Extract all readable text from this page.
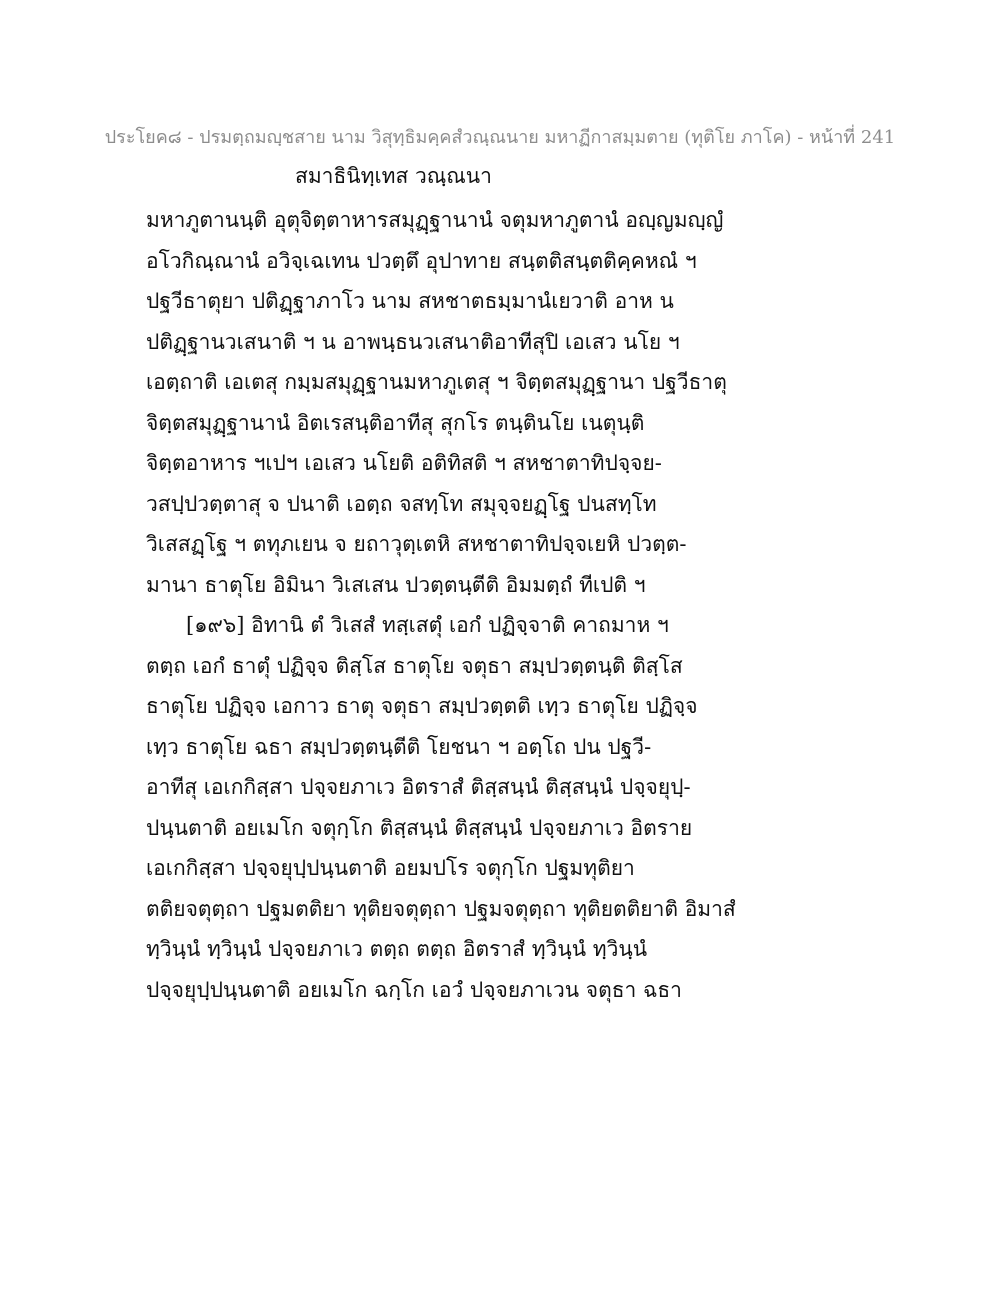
ประโยค๘ - ปรมตฺถมญฺชสาย นาม วิสุทฺธิมคฺคสํวณฺณนาย มหาฏีกาสมฺมตาย (ทุติโย ภาโค) - หน้าที่ 241
สมาธินิทฺเทส วณฺณนา
มหาภูตานนฺติ อุตุจิตฺตาหารสมุฏฺฐานานํ จตุมหาภูตานํ อญฺญมญฺญํ
อโวกิณฺณานํ อวิจฺเฉเทน ปวตฺตึ อุปาทาย สนฺตติสนฺตติคฺคหณํ ฯ
ปฐวีธาตุยา ปติฏฺฐาภาโว นาม สหชาตธมฺมานํเยวาติ อาห น
ปติฏฺฐานวเสนาติ ฯ น อาพนฺธนวเสนาติอาทีสุปิ เอเสว นโย ฯ
เอตฺถาติ เอเตสุ กมฺมสมุฏฺฐานมหาภูเตสุ ฯ จิตฺตสมุฏฺฐานา ปฐวีธาตุ
จิตฺตสมุฏฺฐานานํ อิตเรสนฺติอาทีสุ สุกโร ตนฺตินโย เนตุนฺติ
จิตฺตอาหาร ฯเปฯ เอเสว นโยติ อติทิสติ ฯ สหชาตาทิปจฺจย-
วสปฺปวตฺตาสุ จ ปนาติ เอตฺถ จสทฺโท สมุจฺจยฏฺโฐ ปนสทฺโท
วิเสสฏฺโฐ ฯ ตทุภเยน จ ยถาวุตฺเตหิ สหชาตาทิปจฺจเยหิ ปวตฺต-
มานา ธาตุโย อิมินา วิเสเสน ปวตฺตนฺตีติ อิมมตฺถํ ทีเปติ ฯ
[๑๙๖] อิทานิ ตํ วิเสสํ ทสฺเสตุํ เอกํ ปฏิจฺจาติ คาถมาห ฯ
ตตฺถ เอกํ ธาตุํ ปฏิจฺจ ติสฺโส ธาตุโย จตุธา สมฺปวตฺตนฺติ ติสฺโส
ธาตุโย ปฏิจฺจ เอกาว ธาตุ จตุธา สมฺปวตฺตติ เทฺว ธาตุโย ปฏิจฺจ
เทฺว ธาตุโย ฉธา สมฺปวตฺตนฺตีติ โยชนา ฯ อตฺโถ ปน ปฐวี-
อาทีสุ เอเกกิสฺสา ปจฺจยภาเว อิตราสํ ติสฺสนฺนํ ติสฺสนฺนํ ปจฺจยุปฺ-
ปนฺนตาติ อยเมโก จตุกฺโก ติสฺสนฺนํ ติสฺสนฺนํ ปจฺจยภาเว อิตราย
เอเกกิสฺสา ปจฺจยุปฺปนฺนตาติ อยมปโร จตุกฺโก ปฐมทุติยา
ตติยจตุตฺถา ปฐมตติยา ทุติยจตุตฺถา ปฐมจตุตฺถา ทุติยตติยาติ อิมาสํ
ทฺวินฺนํ ทฺวินฺนํ ปจฺจยภาเว ตตฺถ ตตฺถ อิตราสํ ทฺวินฺนํ ทฺวินฺนํ
ปจฺจยุปฺปนฺนตาติ อยเมโก ฉกฺโก เอวํ ปจฺจยภาเวน จตุธา ฉธา
